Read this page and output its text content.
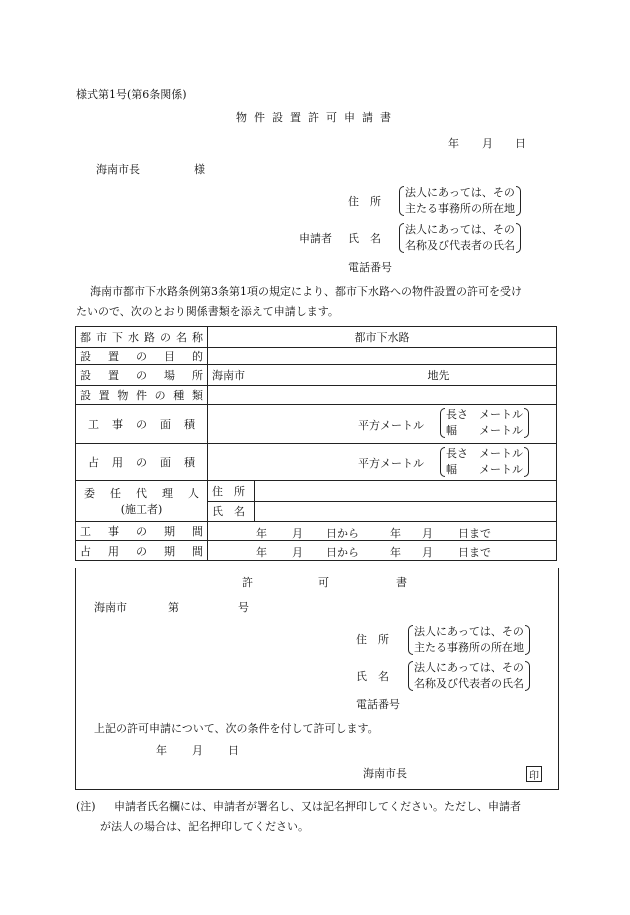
様式第1号(第6条関係)
物件設置許可申請書
年 月 日
海南市長	様
住　所
法人にあっては、その
主たる事務所の所在地
申請者 氏　名
法人にあっては、その
名称及び代表者の氏名
電話番号
海南市都市下水路条例第3条第1項の規定により、都市下水路への物件設置の許可を受け
たいので、次のとおり関係書類を添えて申請します。
都 市 下 水 路 の 名 称	都市下水路

設 置 の 目 的

設 置 の 場 所	海南市	地先

設 置 物 件 の 種 類

工 事 の 面 積	平方メートル
長さ　メートル
幅　　メートル

占 用 の 面 積	平方メートル
長さ　メートル
幅　　メートル

委 任 代 理 人
(施工者)

住　所	
氏　名	

工 事 の 期 間	年 月 日から	年 月 日まで

占 用 の 期 間	年 月 日から	年 月 日まで
許	可	書
海南市	第	号
住　所
法人にあっては、その
主たる事務所の所在地
氏　名
法人にあっては、その
名称及び代表者の氏名
電話番号
上記の許可申請について、次の条件を付して許可します。
年 月 日
海南市長	印
(注) 申請者氏名欄には、申請者が署名し、又は記名押印してください。ただし、申請者
が法人の場合は、記名押印してください。
